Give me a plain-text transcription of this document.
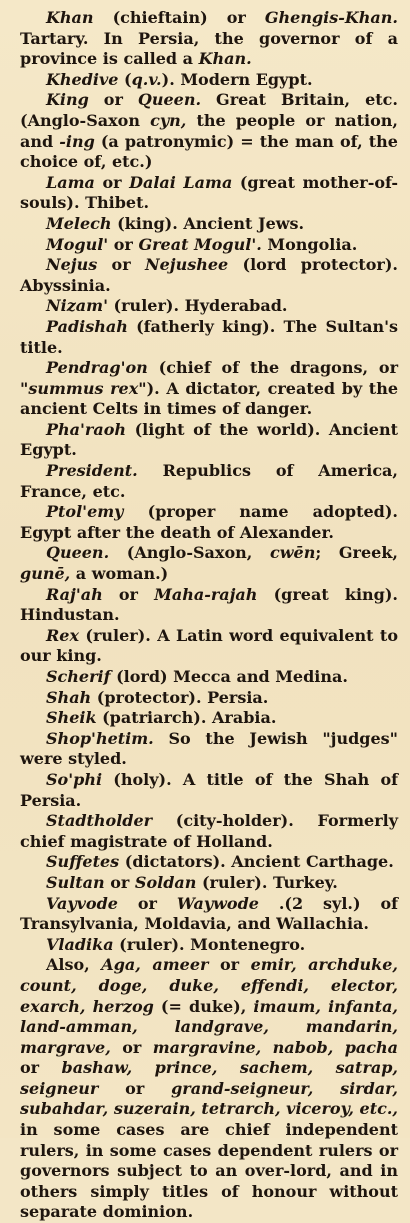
Khan (chieftain) or Ghengis-Khan. Tartary. In Persia, the governor of a province is called a Khan.

Khedive (q.v.). Modern Egypt.

King or Queen. Great Britain, etc. (Anglo-Saxon cyn, the people or nation, and -ing (a patronymic) = the man of, the choice of, etc.)

Lama or Dalai Lama (great mother-of-souls). Thibet.

Melech (king). Ancient Jews.

Mogul' or Great Mogul'. Mongolia.

Nejus or Nejushee (lord protector). Abyssinia.

Nizam' (ruler). Hyderabad.

Padishah (fatherly king). The Sultan's title.

Pendrag'on (chief of the dragons, or "summus rex"). A dictator, created by the ancient Celts in times of danger.

Pha'raoh (light of the world). Ancient Egypt.

President. Republics of America, France, etc.

Ptol'emy (proper name adopted). Egypt after the death of Alexander.

Queen. (Anglo-Saxon, cwēn; Greek, gunē, a woman.)

Raj'ah or Maha-rajah (great king). Hindustan.

Rex (ruler). A Latin word equivalent to our king.

Scherif (lord) Mecca and Medina.

Shah (protector). Persia.

Sheik (patriarch). Arabia.

Shop'hetim. So the Jewish "judges" were styled.

So'phi (holy). A title of the Shah of Persia.

Stadtholder (city-holder). Formerly chief magistrate of Holland.

Suffetes (dictators). Ancient Carthage.

Sultan or Soldan (ruler). Turkey.

Vayvode or Waywode .(2 syl.) of Transylvania, Moldavia, and Wallachia.

Vladika (ruler). Montenegro.

Also, Aga, ameer or emir, archduke, count, doge, duke, effendi, elector, exarch, herzog (= duke), imaum, infanta, land-amman, landgrave, mandarin, margrave, or margravine, nabob, pacha or bashaw, prince, sachem, satrap, seigneur or grand-seigneur, sirdar, subahdar, suzerain, tetrarch, viceroy, etc., in some cases are chief independent rulers, in some cases dependent rulers or governors subject to an over-lord, and in others simply titles of honour without separate dominion.
